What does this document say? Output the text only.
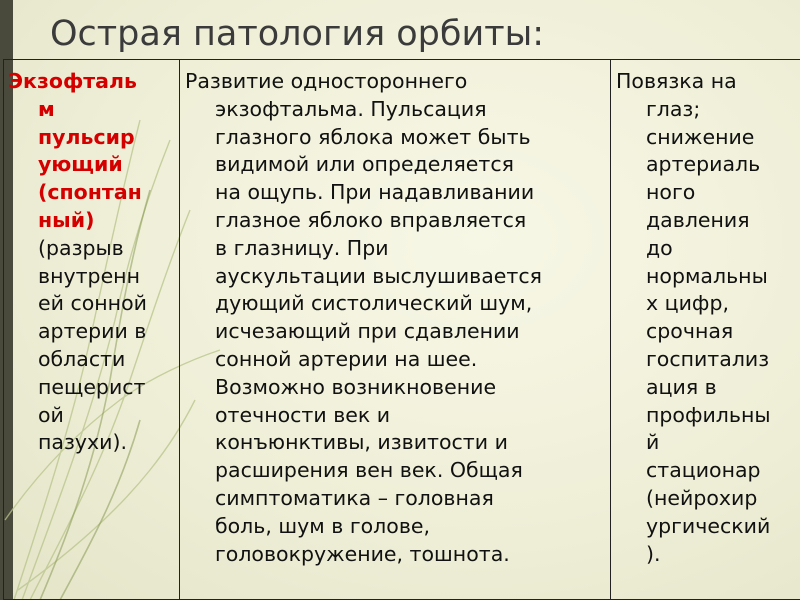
Острая патология орбиты:
Экзофталь
м
пульсир
ующий
(спонтан
ный)
(разрыв
внутренн
ей сонной
артерии в
области
пещерист
ой
пазухи).

Развитие одностороннего
экзофтальма. Пульсация
глазного яблока может быть
видимой или определяется
на ощупь. При надавливании
глазное яблоко вправляется
в глазницу. При
аускультации выслушивается
дующий систолический шум,
исчезающий при сдавлении
сонной артерии на шее.
Возможно возникновение
отечности век и
конъюнктивы, извитости и
расширения вен век. Общая
симптоматика – головная
боль, шум в голове,
головокружение, тошнота.

Повязка на
глаз;
снижение
артериаль
ного
давления
до
нормальны
х цифр,
срочная
госпитализ
ация в
профильны
й
стационар
(нейрохир
ургический
).
